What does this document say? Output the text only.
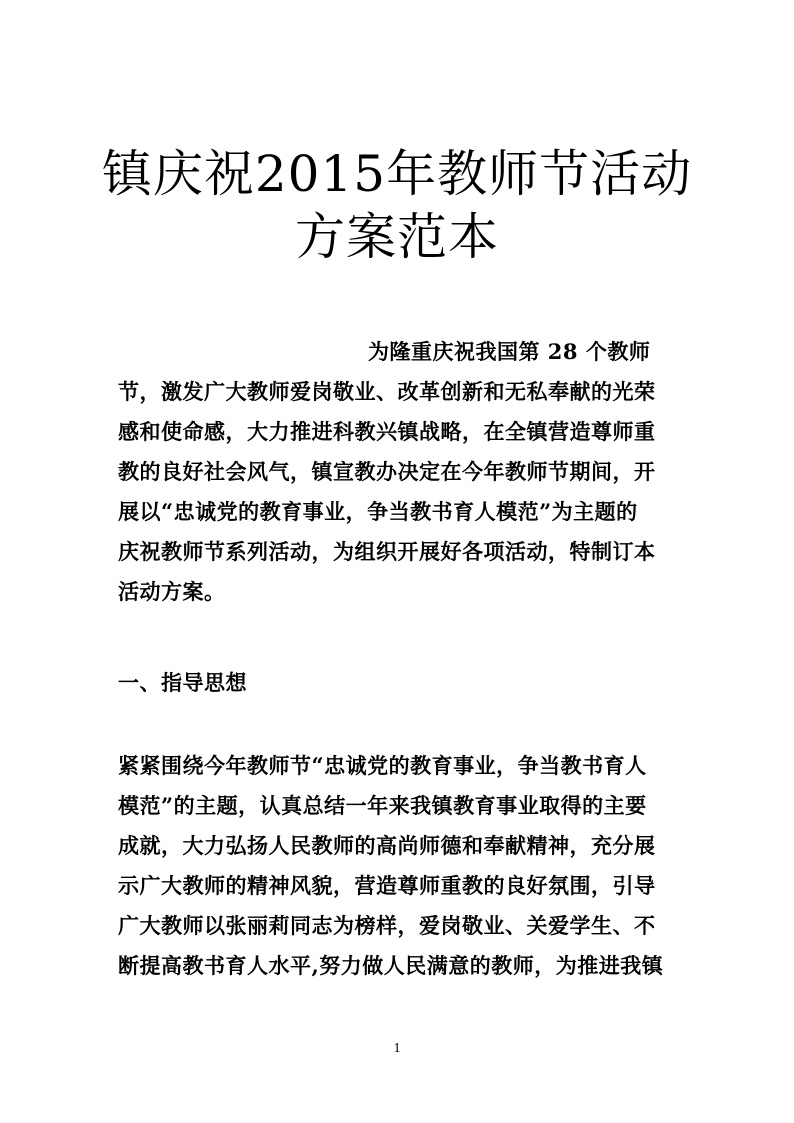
镇庆祝2015年教师节活动
方案范本
为隆重庆祝我国第 28 个教师
节，激发广大教师爱岗敬业、改革创新和无私奉献的光荣
感和使命感，大力推进科教兴镇战略，在全镇营造尊师重
教的良好社会风气，镇宣教办决定在今年教师节期间，开
展以“忠诚党的教育事业，争当教书育人模范”为主题的
庆祝教师节系列活动，为组织开展好各项活动，特制订本
活动方案。
一、指导思想
紧紧围绕今年教师节“忠诚党的教育事业，争当教书育人
模范”的主题，认真总结一年来我镇教育事业取得的主要
成就，大力弘扬人民教师的高尚师德和奉献精神，充分展
示广大教师的精神风貌，营造尊师重教的良好氛围，引导
广大教师以张丽莉同志为榜样，爱岗敬业、关爱学生、不
断提高教书育人水平,努力做人民满意的教师，为推进我镇
1
